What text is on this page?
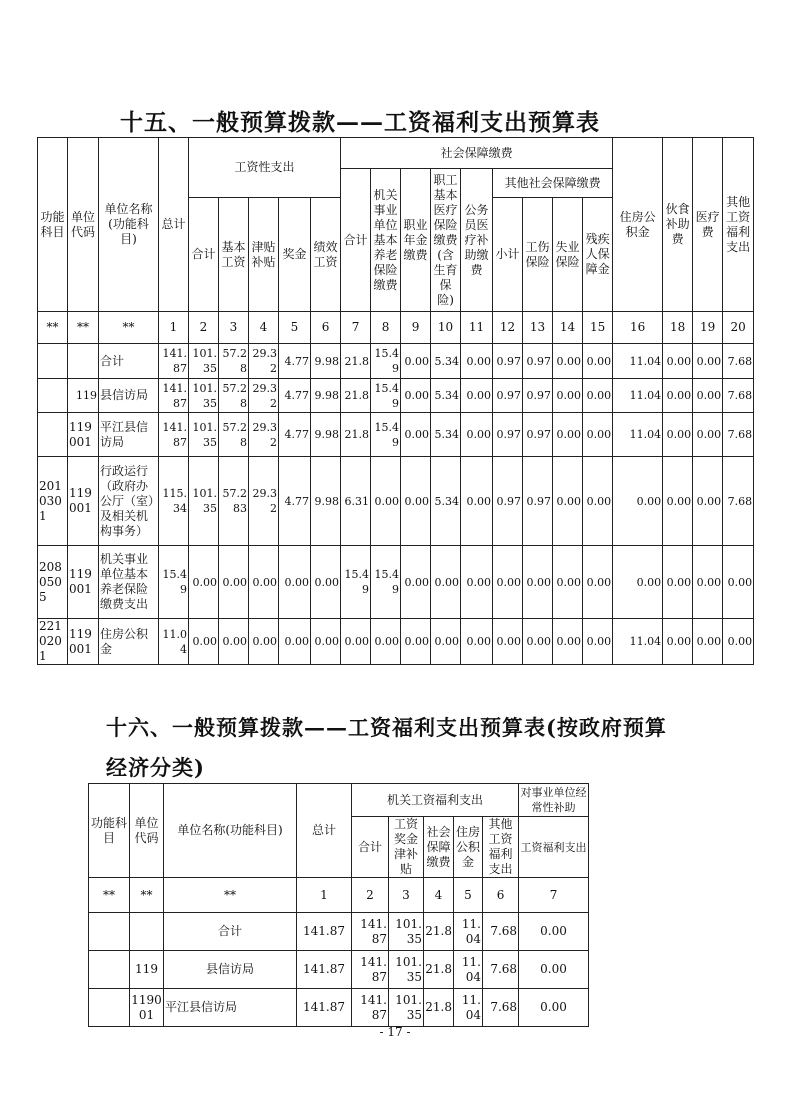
十五、一般预算拨款——工资福利支出预算表
功能科目	单位代码	单位名称(功能科目)	总计	工资性支出					社会保障缴费									住房公积金	伙食补助费	医疗费	其他工资福利支出
									合计	机关事业单位基本养老保险缴费	职业年金缴费	职工基本医疗保险缴费(含生育保险)	公务员医疗补助缴费	其他社会保障缴费							
				合计	基本工资	津贴补贴	奖金	绩效工资						小计	工伤保险	失业保险	残疾人保障金				
**	**	**	1	2	3	4	5	6	7	8	9	10	11	12	13	14	15	16	18	19	20
		合计	141.87	101.35	57.28	29.32	4.77	9.98	21.8	15.49	0.00	5.34	0.00	0.97	0.97	0.00	0.00	11.04	0.00	0.00	7.68
	119	县信访局	141.87	101.35	57.28	29.32	4.77	9.98	21.8	15.49	0.00	5.34	0.00	0.97	0.97	0.00	0.00	11.04	0.00	0.00	7.68
	119001	平江县信访局	141.87	101.35	57.28	29.32	4.77	9.98	21.8	15.49	0.00	5.34	0.00	0.97	0.97	0.00	0.00	11.04	0.00	0.00	7.68
2010301	119001	行政运行（政府办公厅（室）及相关机构事务）	115.34	101.35	57.283	29.32	4.77	9.98	6.31	0.00	0.00	5.34	0.00	0.97	0.97	0.00	0.00	0.00	0.00	0.00	7.68
2080505	119001	机关事业单位基本养老保险缴费支出	15.49	0.00	0.00	0.00	0.00	0.00	15.49	15.49	0.00	0.00	0.00	0.00	0.00	0.00	0.00	0.00	0.00	0.00	0.00
2210201	119001	住房公积金	11.04	0.00	0.00	0.00	0.00	0.00	0.00	0.00	0.00	0.00	0.00	0.00	0.00	0.00	0.00	11.04	0.00	0.00	0.00
十六、一般预算拨款——工资福利支出预算表(按政府预算
经济分类)
功能科目	单位代码	单位名称(功能科目)	总计	机关工资福利支出					对事业单位经常性补助
				合计	工资奖金津补贴	社会保障缴费	住房公积金	其他工资福利支出	工资福利支出
**	**	**	1	2	3	4	5	6	7
		合计	141.87	141.87	101.35	21.8	11.04	7.68	0.00
	119	县信访局	141.87	141.87	101.35	21.8	11.04	7.68	0.00
	119001	平江县信访局	141.87	141.87	101.35	21.8	11.04	7.68	0.00
- 17 -
